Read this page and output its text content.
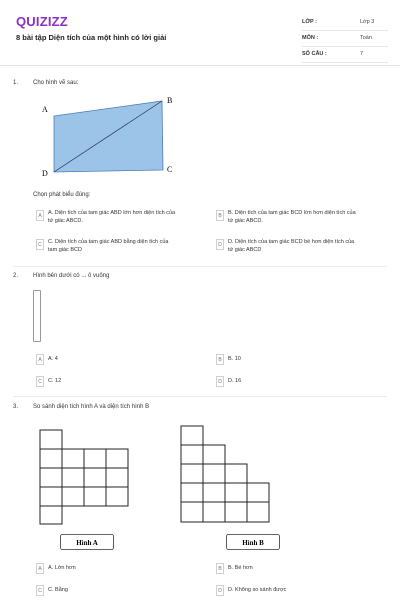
QUIZIZZ
8 bài tập Diện tích của một hình có lời giải
LỚP :	Lớp 3
MÔN :	Toán
SỐ CÂU :	7
1. Cho hình vẽ sau:
A
B
C
D
Chọn phát biểu đúng:
A	A. Diện tích của tam giác ABD lớn hơn diện tích của
tứ giác ABCD.
B	B. Diện tích của tam giác BCD lớn hơn diện tích của
tứ giác ABCD.
C	C. Diện tích của tam giác ABD bằng diện tích của
tam giác BCD
D	D. Diện tích của tam giác BCD bé hơn diện tích của
tứ giác ABCD
2. Hình bên dưới có ... ô vuông
A	A. 4	B	B. 10
C	C. 12	D	D. 16
3. So sánh diện tích hình A và diện tích hình B
Hình A	Hình B
A	A. Lớn hơn	B	B. Bé hơn
C	C. Bằng	D	D. Không so sánh được
